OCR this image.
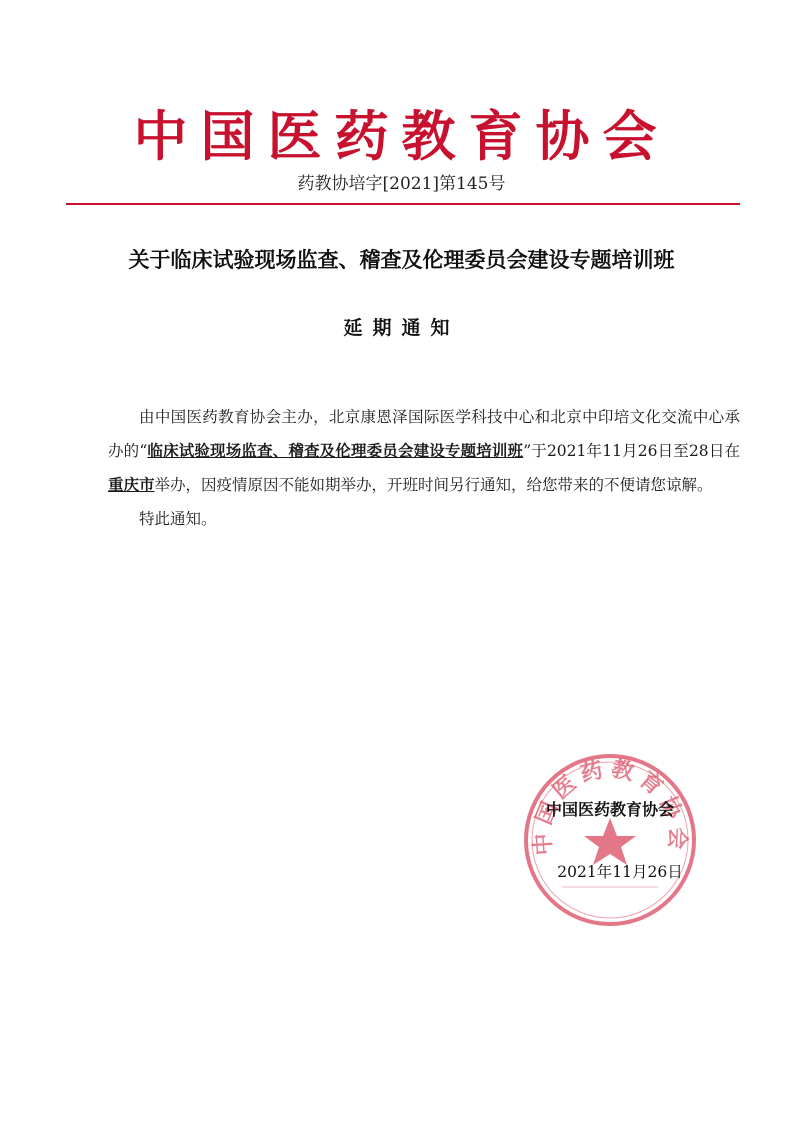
中国医药教育协会
药教协培字[2021]第145号
关于临床试验现场监查、稽查及伦理委员会建设专题培训班
延期通知

由中国医药教育协会主办，北京康恩泽国际医学科技中心和北京中印培文化交流中心承办的“临床试验现场监查、稽查及伦理委员会建设专题培训班”于2021年11月26日至28日在重庆市举办，因疫情原因不能如期举办，开班时间另行通知，给您带来的不便请您谅解。

特此通知。

中国医药教育协会
中国医药教育协会
2021年11月26日
